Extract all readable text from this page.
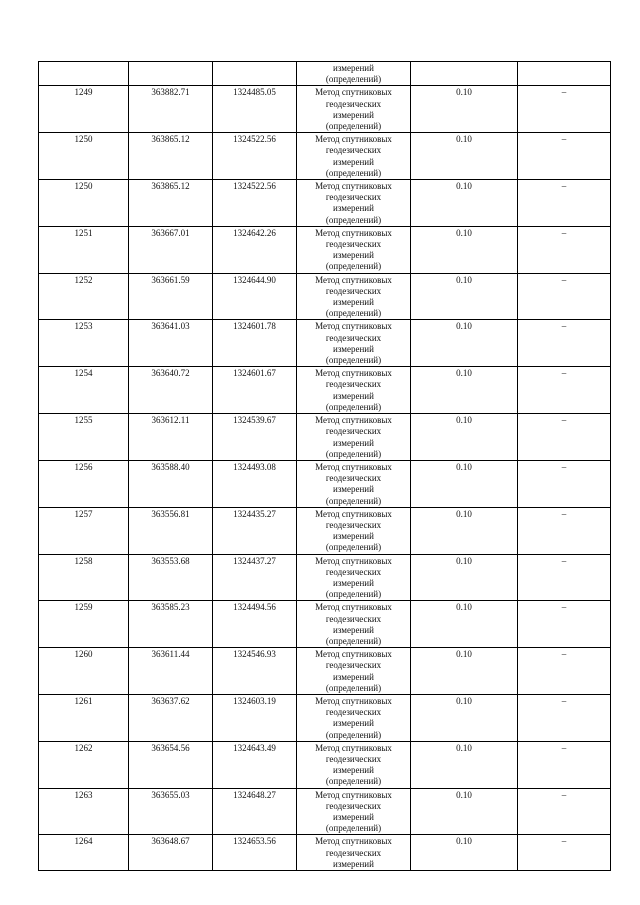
			измерений
(определений)		

1249	363882.71	1324485.05	Метод спутниковых
геодезических
измерений
(определений)	0.10	–
1250	363865.12	1324522.56	Метод спутниковых
геодезических
измерений
(определений)	0.10	–
1250	363865.12	1324522.56	Метод спутниковых
геодезических
измерений
(определений)	0.10	–
1251	363667.01	1324642.26	Метод спутниковых
геодезических
измерений
(определений)	0.10	–
1252	363661.59	1324644.90	Метод спутниковых
геодезических
измерений
(определений)	0.10	–
1253	363641.03	1324601.78	Метод спутниковых
геодезических
измерений
(определений)	0.10	–
1254	363640.72	1324601.67	Метод спутниковых
геодезических
измерений
(определений)	0.10	–
1255	363612.11	1324539.67	Метод спутниковых
геодезических
измерений
(определений)	0.10	–
1256	363588.40	1324493.08	Метод спутниковых
геодезических
измерений
(определений)	0.10	–
1257	363556.81	1324435.27	Метод спутниковых
геодезических
измерений
(определений)	0.10	–
1258	363553.68	1324437.27	Метод спутниковых
геодезических
измерений
(определений)	0.10	–
1259	363585.23	1324494.56	Метод спутниковых
геодезических
измерений
(определений)	0.10	–
1260	363611.44	1324546.93	Метод спутниковых
геодезических
измерений
(определений)	0.10	–
1261	363637.62	1324603.19	Метод спутниковых
геодезических
измерений
(определений)	0.10	–
1262	363654.56	1324643.49	Метод спутниковых
геодезических
измерений
(определений)	0.10	–
1263	363655.03	1324648.27	Метод спутниковых
геодезических
измерений
(определений)	0.10	–
1264	363648.67	1324653.56	Метод спутниковых
геодезических
измерений	0.10	–
